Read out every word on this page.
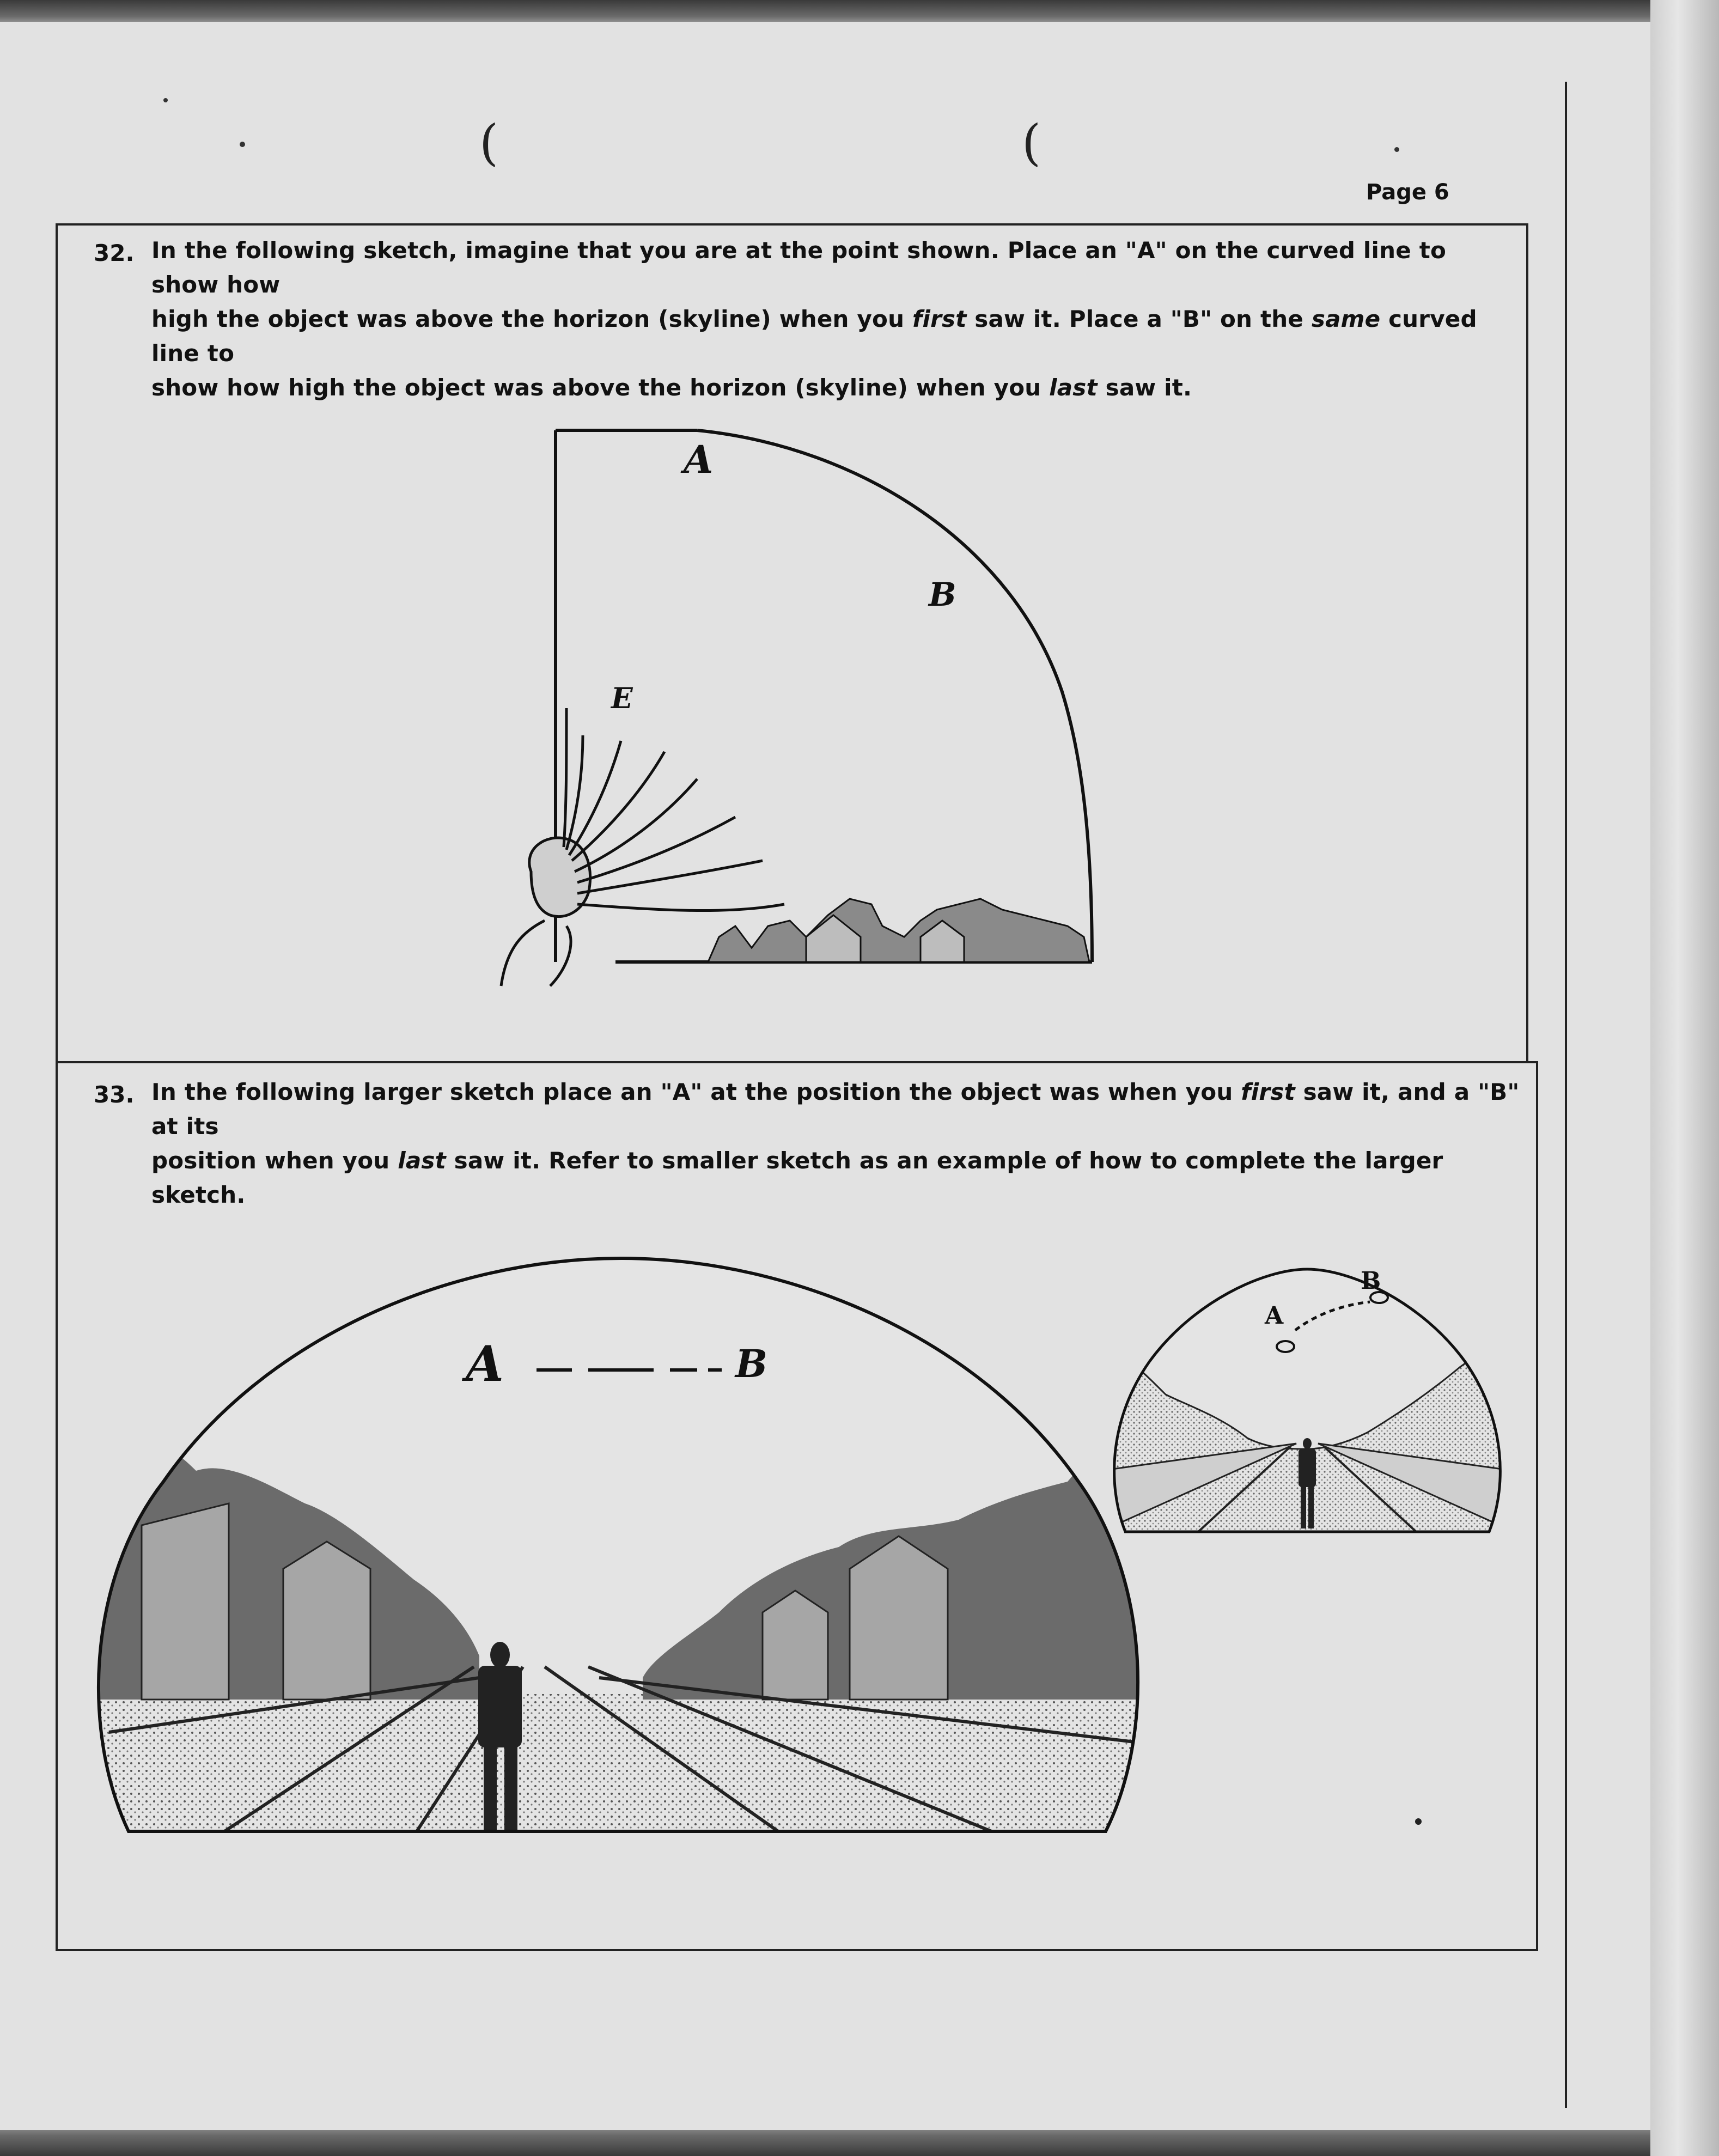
(	(
Page 6
32. In the following sketch, imagine that you are at the point shown. Place an "A" on the curved line to show how
high the object was above the horizon (skyline) when you first saw it. Place a "B" on the same curved line to
show how high the object was above the horizon (skyline) when you last saw it.
A
B
E
33. In the following larger sketch place an "A" at the position the object was when you first saw it, and a "B" at its
position when you last saw it. Refer to smaller sketch as an example of how to complete the larger sketch.
A	B
A
B
